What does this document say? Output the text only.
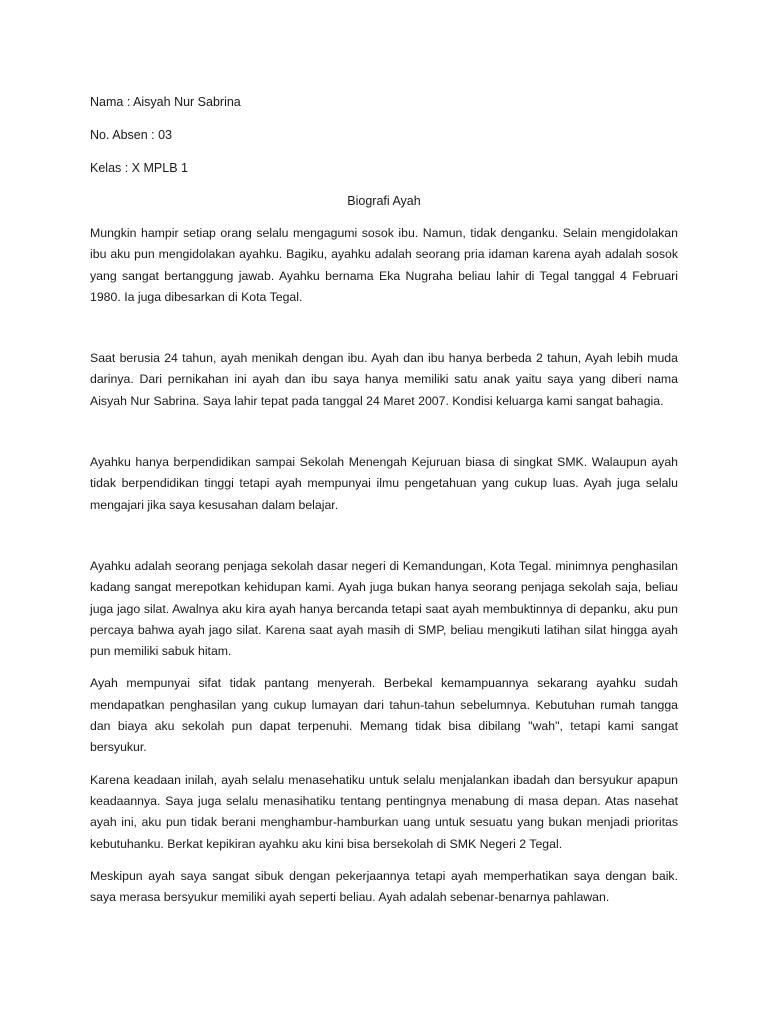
Nama : Aisyah Nur Sabrina
No. Absen : 03
Kelas : X MPLB 1
Biografi Ayah

Mungkin hampir setiap orang selalu mengagumi sosok ibu. Namun, tidak denganku. Selain mengidolakan ibu aku pun mengidolakan ayahku. Bagiku, ayahku adalah seorang pria idaman karena ayah adalah sosok yang sangat bertanggung jawab. Ayahku bernama Eka Nugraha beliau lahir di Tegal tanggal 4 Februari 1980. Ia juga dibesarkan di Kota Tegal.

Saat berusia 24 tahun, ayah menikah dengan ibu. Ayah dan ibu hanya berbeda 2 tahun, Ayah lebih muda darinya. Dari pernikahan ini ayah dan ibu saya hanya memiliki satu anak yaitu saya yang diberi nama Aisyah Nur Sabrina. Saya lahir tepat pada tanggal 24 Maret 2007. Kondisi keluarga kami sangat bahagia.

Ayahku hanya berpendidikan sampai Sekolah Menengah Kejuruan biasa di singkat SMK. Walaupun ayah tidak berpendidikan tinggi tetapi ayah mempunyai ilmu pengetahuan yang cukup luas. Ayah juga selalu mengajari jika saya kesusahan dalam belajar.

Ayahku adalah seorang penjaga sekolah dasar negeri di Kemandungan, Kota Tegal. minimnya penghasilan kadang sangat merepotkan kehidupan kami. Ayah juga bukan hanya seorang penjaga sekolah saja, beliau juga jago silat. Awalnya aku kira ayah hanya bercanda tetapi saat ayah membuktinnya di depanku, aku pun percaya bahwa ayah jago silat. Karena saat ayah masih di SMP, beliau mengikuti latihan silat hingga ayah pun memiliki sabuk hitam.

Ayah mempunyai sifat tidak pantang menyerah. Berbekal kemampuannya sekarang ayahku sudah mendapatkan penghasilan yang cukup lumayan dari tahun-tahun sebelumnya. Kebutuhan rumah tangga dan biaya aku sekolah pun dapat terpenuhi. Memang tidak bisa dibilang "wah", tetapi kami sangat bersyukur.

Karena keadaan inilah, ayah selalu menasehatiku untuk selalu menjalankan ibadah dan bersyukur apapun keadaannya. Saya juga selalu menasihatiku tentang pentingnya menabung di masa depan. Atas nasehat ayah ini, aku pun tidak berani menghambur-hamburkan uang untuk sesuatu yang bukan menjadi prioritas kebutuhanku. Berkat kepikiran ayahku aku kini bisa bersekolah di SMK Negeri 2 Tegal.

Meskipun ayah saya sangat sibuk dengan pekerjaannya tetapi ayah memperhatikan saya dengan baik. saya merasa bersyukur memiliki ayah seperti beliau. Ayah adalah sebenar-benarnya pahlawan.
